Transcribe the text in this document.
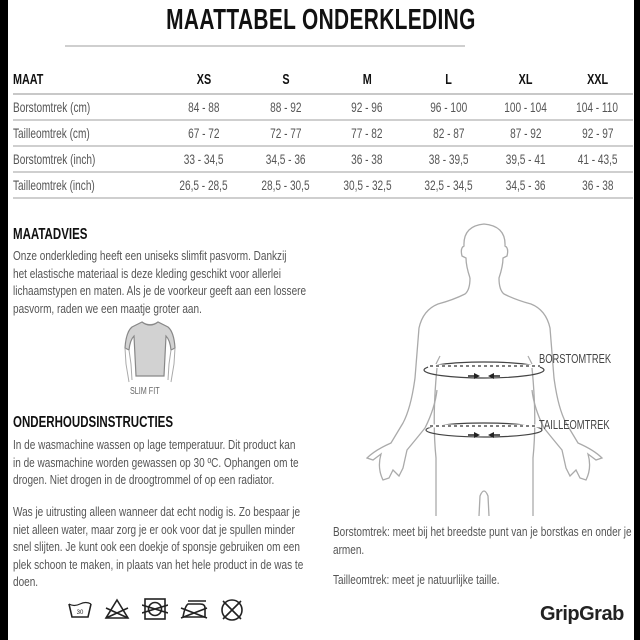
MAATTABEL ONDERKLEDING
MAAT	XS	S	M	L	XL	XXL
Borstomtrek (cm)	84 - 88	88 - 92	92 - 96	96 - 100	100 - 104	104 - 110
Tailleomtrek (cm)	67 - 72	72 - 77	77 - 82	82 - 87	87 - 92	92 - 97
Borstomtrek (inch)	33 - 34,5	34,5 - 36	36 - 38	38 - 39,5	39,5 - 41	41 - 43,5
Tailleomtrek (inch)	26,5 - 28,5	28,5 - 30,5	30,5 - 32,5	32,5 - 34,5	34,5 - 36	36 - 38
MAATADVIES
Onze onderkleding heeft een uniseks slimfit pasvorm. Dankzij
het elastische materiaal is deze kleding geschikt voor allerlei
lichaamstypen en maten. Als je de voorkeur geeft aan een lossere
pasvorm, raden we een maatje groter aan.
SLIM FIT
ONDERHOUDSINSTRUCTIES
In de wasmachine wassen op lage temperatuur. Dit product kan
in de wasmachine worden gewassen op 30 ºC. Ophangen om te
drogen. Niet drogen in de droogtrommel of op een radiator.
Was je uitrusting alleen wanneer dat echt nodig is. Zo bespaar je
niet alleen water, maar zorg je er ook voor dat je spullen minder
snel slijten. Je kunt ook een doekje of sponsje gebruiken om een
plek schoon te maken, in plaats van het hele product in de was te
doen.
30
BORSTOMTREK
TAILLEOMTREK
Borstomtrek: meet bij het breedste punt van je borstkas en onder je
armen.
Tailleomtrek: meet je natuurlijke taille.
GripGrab
